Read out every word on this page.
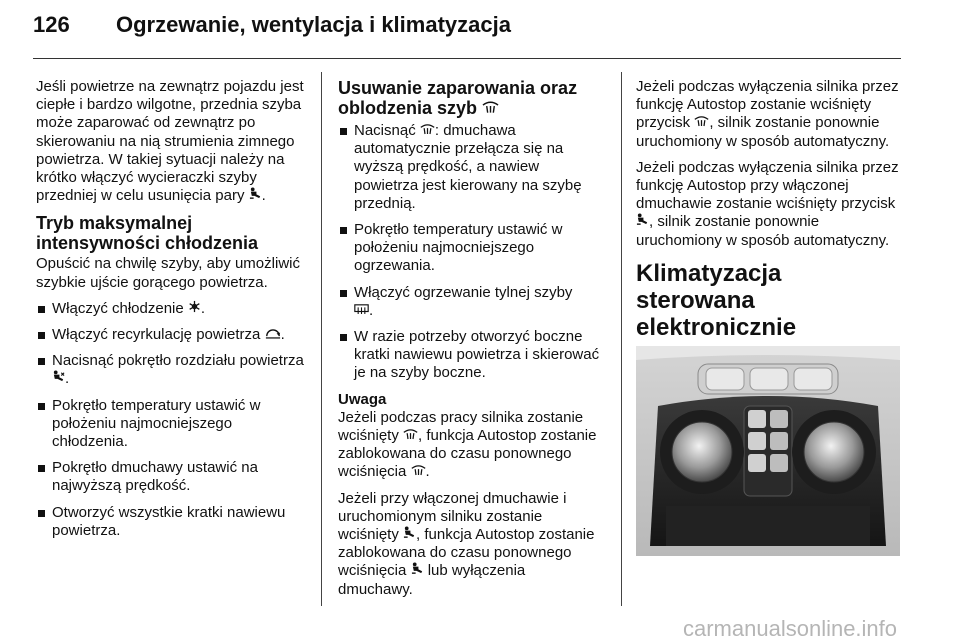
126 Ogrzewanie, wentylacja i klimatyzacja

Jeśli powietrze na zewnątrz pojazdu jest ciepłe i bardzo wilgotne, przednia szyba może zaparować od zewnątrz po skierowaniu na nią strumienia zimnego powietrza. W takiej sytuacji należy na krótko włączyć wycieraczki szyby przedniej w celu usunięcia pary .

Tryb maksymalnej intensywności chłodzenia

Opuścić na chwilę szyby, aby umożliwić szybkie ujście gorącego powietrza.

Włączyć chłodzenie .
Włączyć recyrkulację powietrza .
Nacisnąć pokrętło rozdziału powietrza .
Pokrętło temperatury ustawić w położeniu najmocniejszego chłodzenia.
Pokrętło dmuchawy ustawić na najwyższą prędkość.
Otworzyć wszystkie kratki nawiewu powietrza.
Usuwanie zaparowania oraz oblodzenia szyb
Nacisnąć : dmuchawa automatycznie przełącza się na wyższą prędkość, a nawiew powietrza jest kierowany na szybę przednią.
Pokrętło temperatury ustawić w położeniu najmocniejszego ogrzewania.
Włączyć ogrzewanie tylnej szyby
.
W razie potrzeby otworzyć boczne kratki nawiewu powietrza i skierować je na szyby boczne.

Uwaga

Jeżeli podczas pracy silnika zostanie wciśnięty , funkcja Autostop zostanie zablokowana do czasu ponownego wciśnięcia .

Jeżeli przy włączonej dmuchawie i uruchomionym silniku zostanie wciśnięty , funkcja Autostop zostanie zablokowana do czasu ponownego wciśnięcia lub wyłączenia dmuchawy.

Jeżeli podczas wyłączenia silnika przez funkcję Autostop zostanie wciśnięty przycisk , silnik zostanie ponownie uruchomiony w sposób automatyczny.

Jeżeli podczas wyłączenia silnika przez funkcję Autostop przy włączonej dmuchawie zostanie wciśnięty przycisk , silnik zostanie ponownie uruchomiony w sposób automatyczny.

Klimatyzacja sterowana elektronicznie
carmanualsonline.info
